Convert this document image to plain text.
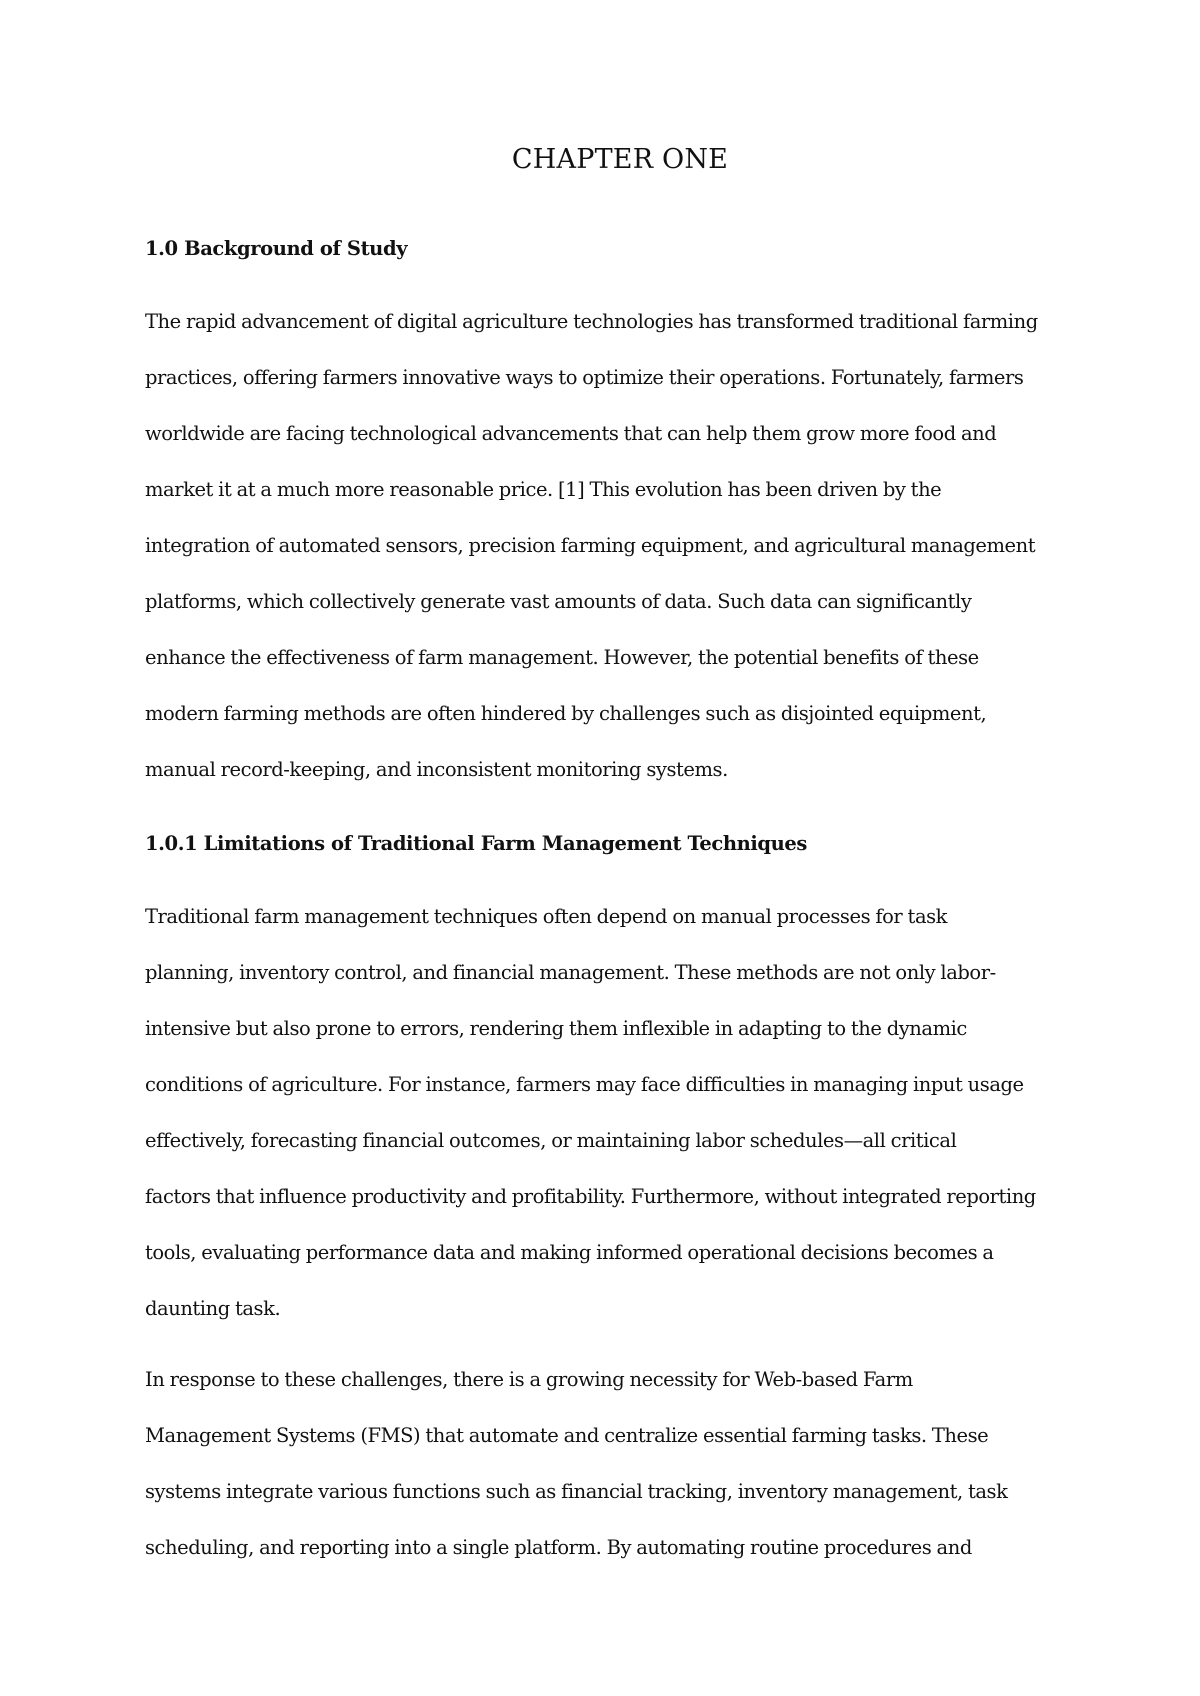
CHAPTER ONE
1.0 Background of Study

The rapid advancement of digital agriculture technologies has transformed traditional farming

practices, offering farmers innovative ways to optimize their operations. Fortunately, farmers

worldwide are facing technological advancements that can help them grow more food and

market it at a much more reasonable price. [1] This evolution has been driven by the

integration of automated sensors, precision farming equipment, and agricultural management

platforms, which collectively generate vast amounts of data. Such data can significantly

enhance the effectiveness of farm management. However, the potential benefits of these

modern farming methods are often hindered by challenges such as disjointed equipment,

manual record-keeping, and inconsistent monitoring systems.

1.0.1 Limitations of Traditional Farm Management Techniques

Traditional farm management techniques often depend on manual processes for task

planning, inventory control, and financial management. These methods are not only labor-

intensive but also prone to errors, rendering them inflexible in adapting to the dynamic

conditions of agriculture. For instance, farmers may face difficulties in managing input usage

effectively, forecasting financial outcomes, or maintaining labor schedules—all critical

factors that influence productivity and profitability. Furthermore, without integrated reporting

tools, evaluating performance data and making informed operational decisions becomes a

daunting task.

In response to these challenges, there is a growing necessity for Web-based Farm

Management Systems (FMS) that automate and centralize essential farming tasks. These

systems integrate various functions such as financial tracking, inventory management, task

scheduling, and reporting into a single platform. By automating routine procedures and
